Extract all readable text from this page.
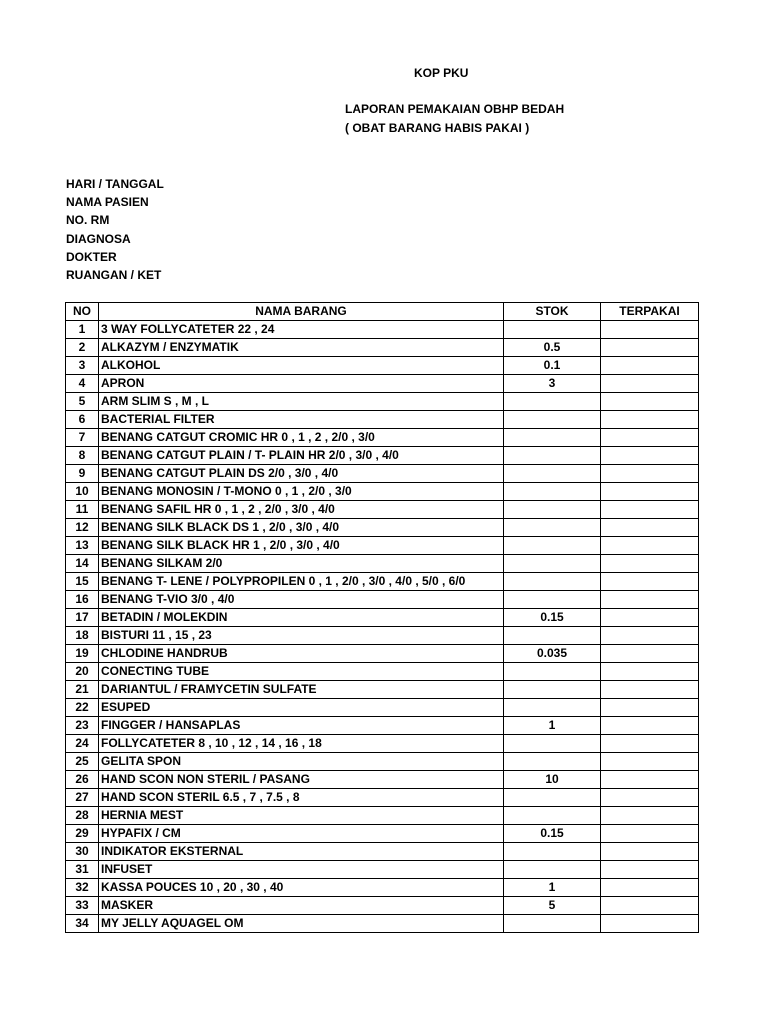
KOP PKU
LAPORAN PEMAKAIAN OBHP BEDAH
( OBAT BARANG HABIS PAKAI )
HARI / TANGGAL
NAMA PASIEN
NO. RM
DIAGNOSA
DOKTER
RUANGAN / KET
NO	NAMA BARANG	STOK	TERPAKAI
1	3 WAY FOLLYCATETER 22 , 24		
2	ALKAZYM / ENZYMATIK	0.5	
3	ALKOHOL	0.1	
4	APRON	3	
5	ARM SLIM S , M , L		
6	BACTERIAL FILTER		
7	BENANG CATGUT CROMIC HR 0 , 1 , 2 , 2/0 , 3/0		
8	BENANG CATGUT PLAIN / T- PLAIN HR 2/0 , 3/0 , 4/0		
9	BENANG CATGUT PLAIN DS 2/0 , 3/0 , 4/0		
10	BENANG MONOSIN / T-MONO 0 , 1 , 2/0 , 3/0		
11	BENANG SAFIL HR 0 , 1 , 2 , 2/0 , 3/0 , 4/0		
12	BENANG SILK BLACK DS 1 , 2/0 , 3/0 , 4/0		
13	BENANG SILK BLACK HR 1 , 2/0 , 3/0 , 4/0		
14	BENANG SILKAM 2/0		
15	BENANG T- LENE / POLYPROPILEN 0 , 1 , 2/0 , 3/0 , 4/0 , 5/0 , 6/0		
16	BENANG T-VIO 3/0 , 4/0		
17	BETADIN / MOLEKDIN	0.15	
18	BISTURI 11 , 15 , 23		
19	CHLODINE HANDRUB	0.035	
20	CONECTING TUBE		
21	DARIANTUL / FRAMYCETIN SULFATE		
22	ESUPED		
23	FINGGER / HANSAPLAS	1	
24	FOLLYCATETER 8 , 10 , 12 , 14 , 16 , 18		
25	GELITA SPON		
26	HAND SCON NON STERIL / PASANG	10	
27	HAND SCON STERIL 6.5 , 7 , 7.5 , 8		
28	HERNIA MEST		
29	HYPAFIX / CM	0.15	
30	INDIKATOR EKSTERNAL		
31	INFUSET		
32	KASSA POUCES 10 , 20 , 30 , 40	1	
33	MASKER	5	
34	MY JELLY AQUAGEL OM		
